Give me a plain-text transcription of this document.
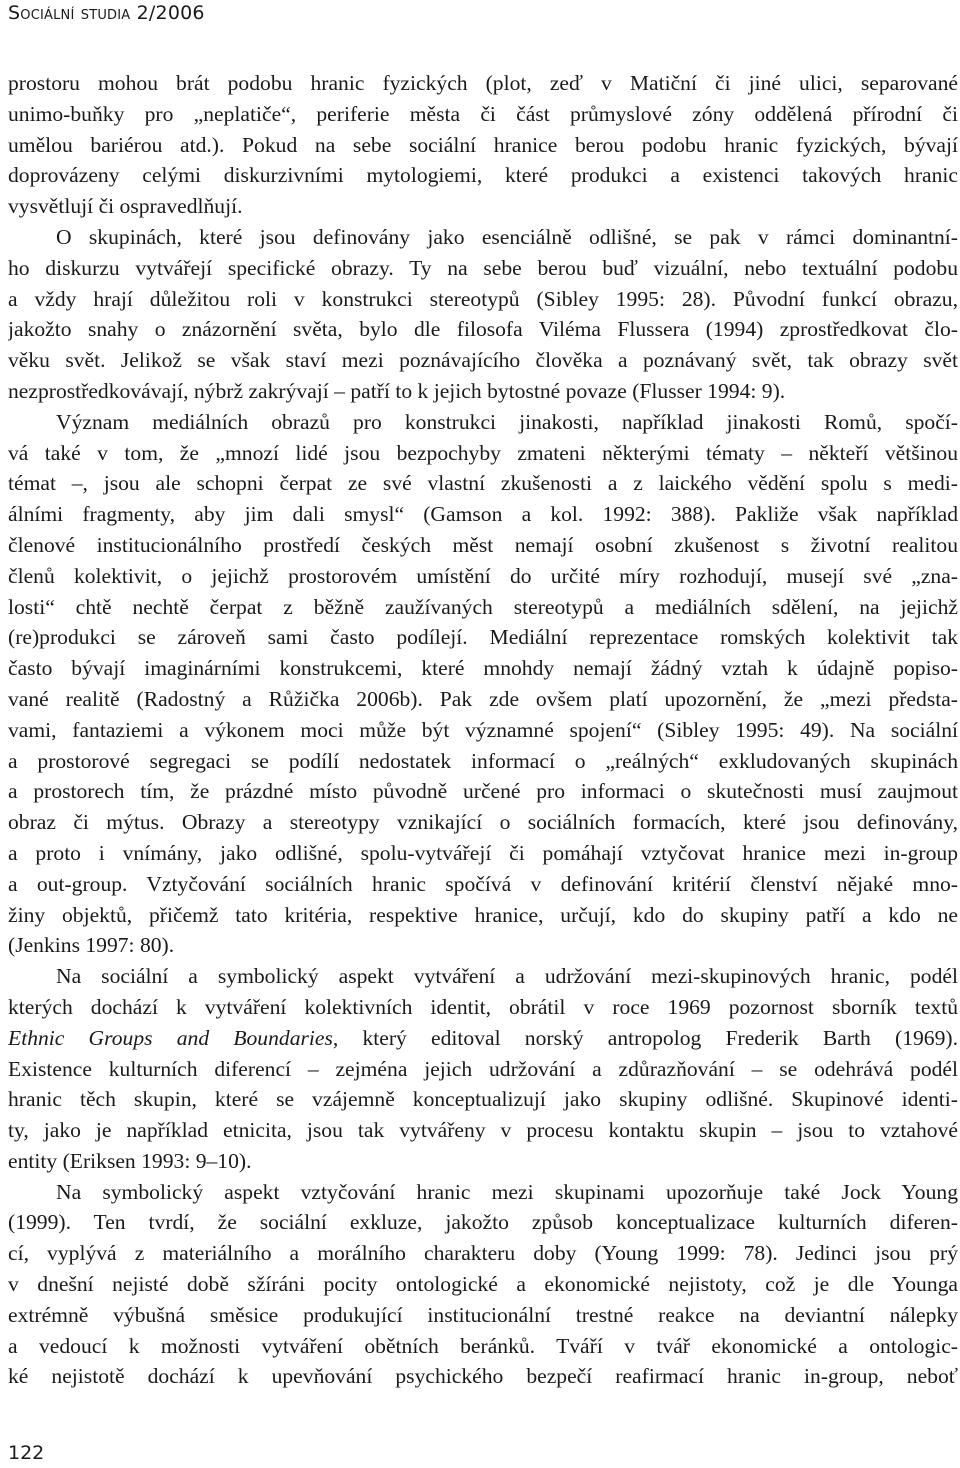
Sociální studia 2/2006
prostoru mohou brát podobu hranic fyzických (plot, zeď v Matiční či jiné ulici, separované
unimo-buňky pro „neplatiče“, periferie města či část průmyslové zóny oddělená přírodní či
umělou bariérou atd.). Pokud na sebe sociální hranice berou podobu hranic fyzických, bývají
doprovázeny celými diskurzivními mytologiemi, které produkci a existenci takových hranic
vysvětlují či ospravedlňují.
O skupinách, které jsou definovány jako esenciálně odlišné, se pak v rámci dominantní-
ho diskurzu vytvářejí specifické obrazy. Ty na sebe berou buď vizuální, nebo textuální podobu
a vždy hrají důležitou roli v konstrukci stereotypů (Sibley 1995: 28). Původní funkcí obrazu,
jakožto snahy o znázornění světa, bylo dle filosofa Viléma Flussera (1994) zprostředkovat člo-
věku svět. Jelikož se však staví mezi poznávajícího člověka a poznávaný svět, tak obrazy svět
nezprostředkovávají, nýbrž zakrývají – patří to k jejich bytostné povaze (Flusser 1994: 9).
Význam mediálních obrazů pro konstrukci jinakosti, například jinakosti Romů, spočí-
vá také v tom, že „mnozí lidé jsou bezpochyby zmateni některými tématy – někteří většinou
témat –, jsou ale schopni čerpat ze své vlastní zkušenosti a z laického vědění spolu s medi-
álními fragmenty, aby jim dali smysl“ (Gamson a kol. 1992: 388). Pakliže však například
členové institucionálního prostředí českých měst nemají osobní zkušenost s životní realitou
členů kolektivit, o jejichž prostorovém umístění do určité míry rozhodují, musejí své „zna-
losti“ chtě nechtě čerpat z běžně zaužívaných stereotypů a mediálních sdělení, na jejichž
(re)produkci se zároveň sami často podílejí. Mediální reprezentace romských kolektivit tak
často bývají imaginárními konstrukcemi, které mnohdy nemají žádný vztah k údajně popiso-
vané realitě (Radostný a Růžička 2006b). Pak zde ovšem platí upozornění, že „mezi předsta-
vami, fantaziemi a výkonem moci může být významné spojení“ (Sibley 1995: 49). Na sociální
a prostorové segregaci se podílí nedostatek informací o „reálných“ exkludovaných skupinách
a prostorech tím, že prázdné místo původně určené pro informaci o skutečnosti musí zaujmout
obraz či mýtus. Obrazy a stereotypy vznikající o sociálních formacích, které jsou definovány,
a proto i vnímány, jako odlišné, spolu-vytvářejí či pomáhají vztyčovat hranice mezi in-group
a out-group. Vztyčování sociálních hranic spočívá v definování kritérií členství nějaké mno-
žiny objektů, přičemž tato kritéria, respektive hranice, určují, kdo do skupiny patří a kdo ne
(Jenkins 1997: 80).
Na sociální a symbolický aspekt vytváření a udržování mezi-skupinových hranic, podél
kterých dochází k vytváření kolektivních identit, obrátil v roce 1969 pozornost sborník textů
Ethnic Groups and Boundaries, který editoval norský antropolog Frederik Barth (1969).
Existence kulturních diferencí – zejména jejich udržování a zdůrazňování – se odehrává podél
hranic těch skupin, které se vzájemně konceptualizují jako skupiny odlišné. Skupinové identi-
ty, jako je například etnicita, jsou tak vytvářeny v procesu kontaktu skupin – jsou to vztahové
entity (Eriksen 1993: 9–10).
Na symbolický aspekt vztyčování hranic mezi skupinami upozorňuje také Jock Young
(1999). Ten tvrdí, že sociální exkluze, jakožto způsob konceptualizace kulturních diferen-
cí, vyplývá z materiálního a morálního charakteru doby (Young 1999: 78). Jedinci jsou prý
v dnešní nejisté době sžíráni pocity ontologické a ekonomické nejistoty, což je dle Younga
extrémně výbušná směsice produkující institucionální trestné reakce na deviantní nálepky
a vedoucí k možnosti vytváření obětních beránků. Tváří v tvář ekonomické a ontologic-
ké nejistotě dochází k upevňování psychického bezpečí reafirmací hranic in-group, neboť
122
